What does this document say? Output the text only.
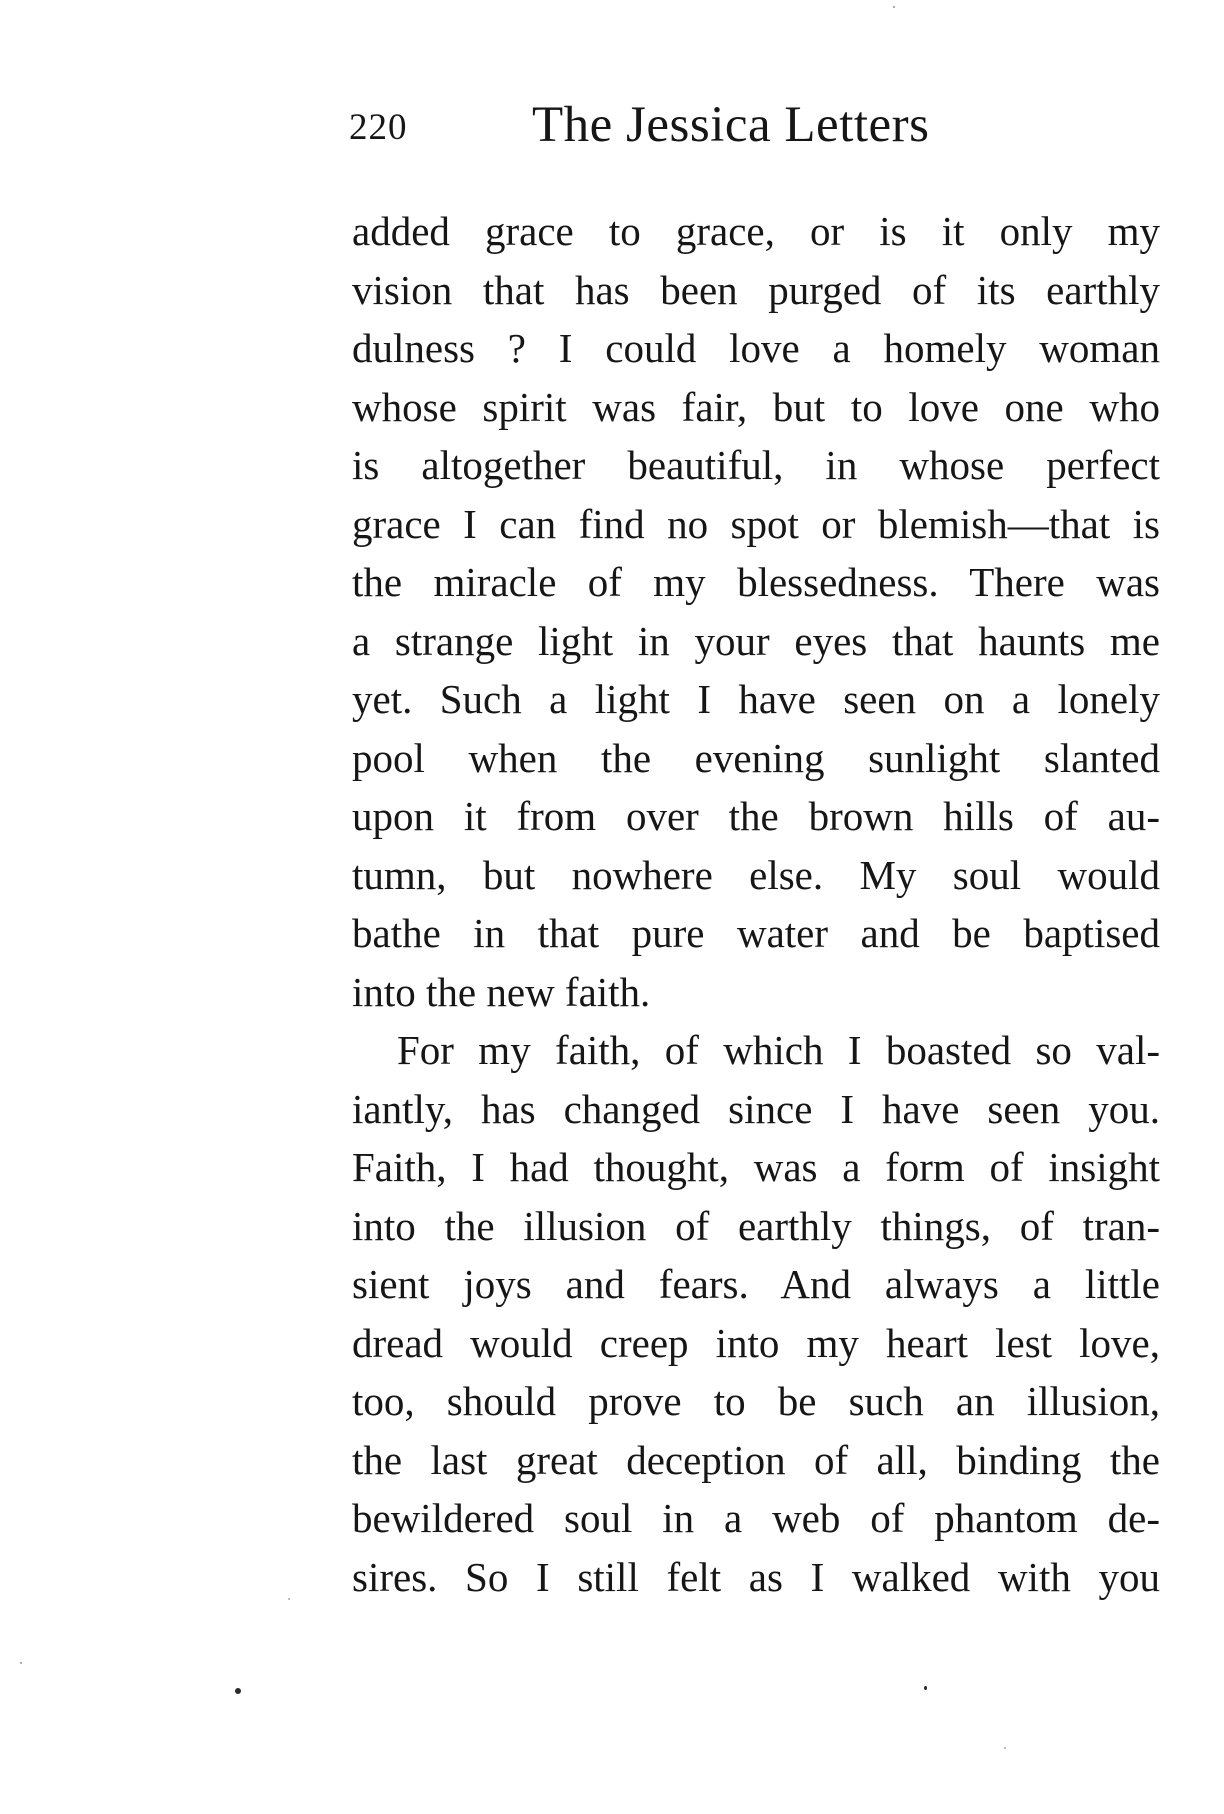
220 The Jessica Letters
added grace to grace, or is it only my
vision that has been purged of its earthly
dulness ? I could love a homely woman
whose spirit was fair, but to love one who
is altogether beautiful, in whose perfect
grace I can find no spot or blemish—that is
the miracle of my blessedness. There was
a strange light in your eyes that haunts me
yet. Such a light I have seen on a lonely
pool when the evening sunlight slanted
upon it from over the brown hills of au-
tumn, but nowhere else. My soul would
bathe in that pure water and be baptised
into the new faith.
For my faith, of which I boasted so val-
iantly, has changed since I have seen you.
Faith, I had thought, was a form of insight
into the illusion of earthly things, of tran-
sient joys and fears. And always a little
dread would creep into my heart lest love,
too, should prove to be such an illusion,
the last great deception of all, binding the
bewildered soul in a web of phantom de-
sires. So I still felt as I walked with you
